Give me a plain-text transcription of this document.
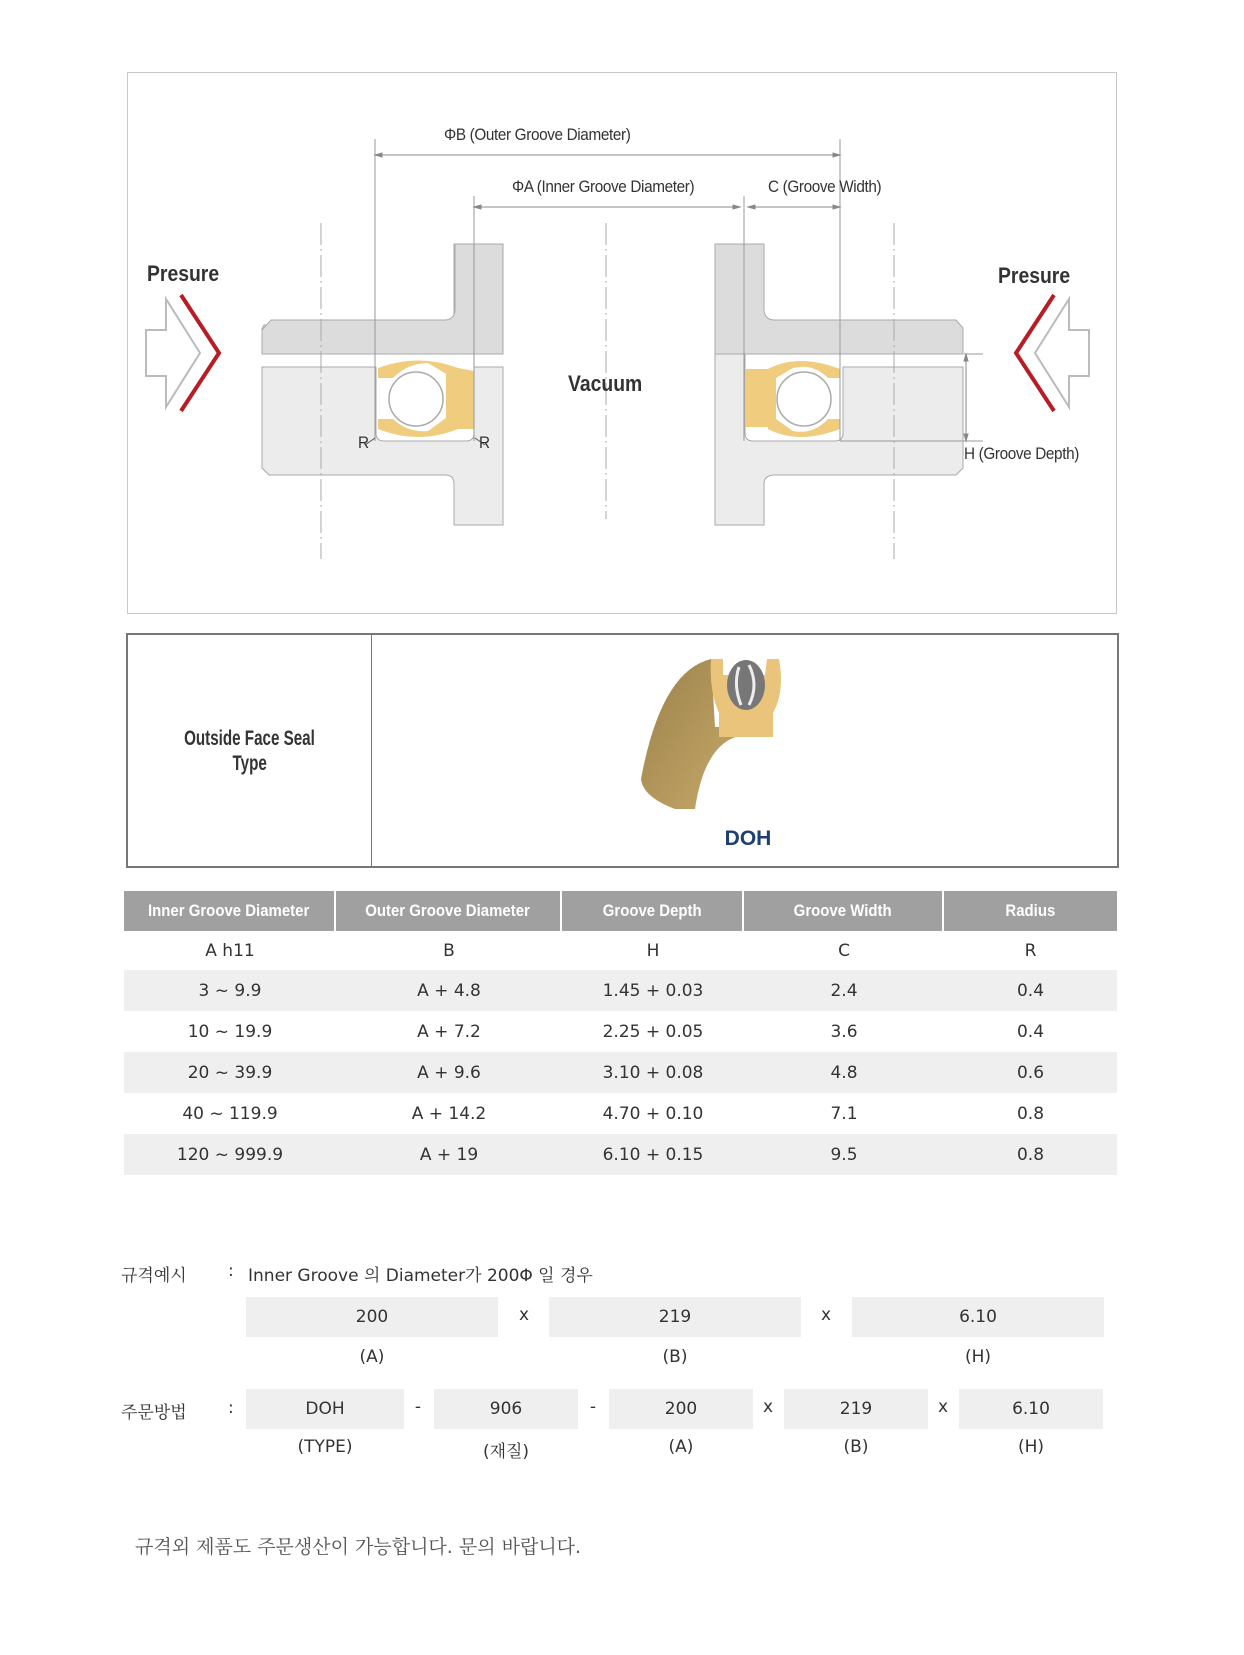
ΦB (Outer Groove Diameter)
ΦA (Inner Groove Diameter)	C (Groove Width)
H (Groove Depth)
Presure	Presure
Vacuum
R	R
Outside Face Seal
Type
DOH
Inner Groove Diameter	Outer Groove Diameter	Groove Depth	Groove Width	Radius
A h11	B	H	C	R
3 ~ 9.9	A + 4.8	1.45 + 0.03	2.4	0.4
10 ~ 19.9	A + 7.2	2.25 + 0.05	3.6	0.4
20 ~ 39.9	A + 9.6	3.10 + 0.08	4.8	0.6
40 ~ 119.9	A + 14.2	4.70 + 0.10	7.1	0.8
120 ~ 999.9	A + 19	6.10 + 0.15	9.5	0.8
규격예시 : Inner Groove 의 Diameter가 200Φ 일 경우
200	x	219	x	6.10
(A)	(B)	(H)
주문방법 :	DOH	-	906	-	200	x	219	x	6.10
(TYPE)	(재질)	(A)	(B)	(H)
규격외 제품도 주문생산이 가능합니다. 문의 바랍니다.
